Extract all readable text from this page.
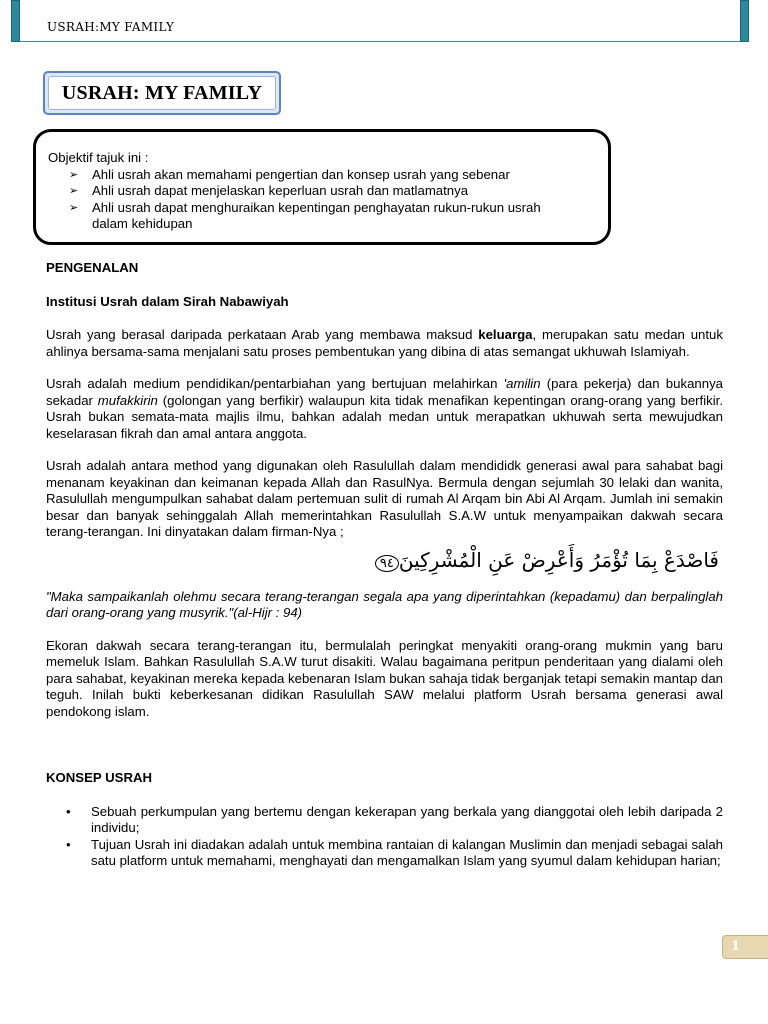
USRAH:MY FAMILY
USRAH: MY FAMILY
Objektif tajuk ini :
➢ Ahli usrah akan memahami pengertian dan konsep usrah yang sebenar
➢ Ahli usrah dapat menjelaskan keperluan usrah dan matlamatnya
➢ Ahli usrah dapat menghuraikan kepentingan penghayatan rukun-rukun usrah dalam kehidupan

PENGENALAN

Institusi Usrah dalam Sirah Nabawiyah

Usrah yang berasal daripada perkataan Arab yang membawa maksud keluarga, merupakan satu medan untuk ahlinya bersama-sama menjalani satu proses pembentukan yang dibina di atas semangat ukhuwah Islamiyah.

Usrah adalah medium pendidikan/pentarbiahan yang bertujuan melahirkan 'amilin (para pekerja) dan bukannya sekadar mufakkirin (golongan yang berfikir) walaupun kita tidak menafikan kepentingan orang-orang yang berfikir. Usrah bukan semata-mata majlis ilmu, bahkan adalah medan untuk merapatkan ukhuwah serta mewujudkan keselarasan fikrah dan amal antara anggota.

Usrah adalah antara method yang digunakan oleh Rasulullah dalam mendididk generasi awal para sahabat bagi menanam keyakinan dan keimanan kepada Allah dan RasulNya. Bermula dengan sejumlah 30 lelaki dan wanita, Rasulullah mengumpulkan sahabat dalam pertemuan sulit di rumah Al Arqam bin Abi Al Arqam. Jumlah ini semakin besar dan banyak sehinggalah Allah memerintahkan Rasulullah S.A.W untuk menyampaikan dakwah secara terang-terangan. Ini dinyatakan dalam firman-Nya ;

فَاصْدَعْ بِمَا تُؤْمَرُ وَأَعْرِضْ عَنِ الْمُشْرِكِينَ٩٤

"Maka sampaikanlah olehmu secara terang-terangan segala apa yang diperintahkan (kepadamu) dan berpalinglah dari orang-orang yang musyrik."(al-Hijr : 94)

Ekoran dakwah secara terang-terangan itu, bermulalah peringkat menyakiti orang-orang mukmin yang baru memeluk Islam. Bahkan Rasulullah S.A.W turut disakiti. Walau bagaimana peritpun penderitaan yang dialami oleh para sahabat, keyakinan mereka kepada kebenaran Islam bukan sahaja tidak berganjak tetapi semakin mantap dan teguh. Inilah bukti keberkesanan didikan Rasulullah SAW melalui platform Usrah bersama generasi awal pendokong islam.

KONSEP USRAH

• Sebuah perkumpulan yang bertemu dengan kekerapan yang berkala yang dianggotai oleh lebih daripada 2 individu;
• Tujuan Usrah ini diadakan adalah untuk membina rantaian di kalangan Muslimin dan menjadi sebagai salah satu platform untuk memahami, menghayati dan mengamalkan Islam yang syumul dalam kehidupan harian;
1
